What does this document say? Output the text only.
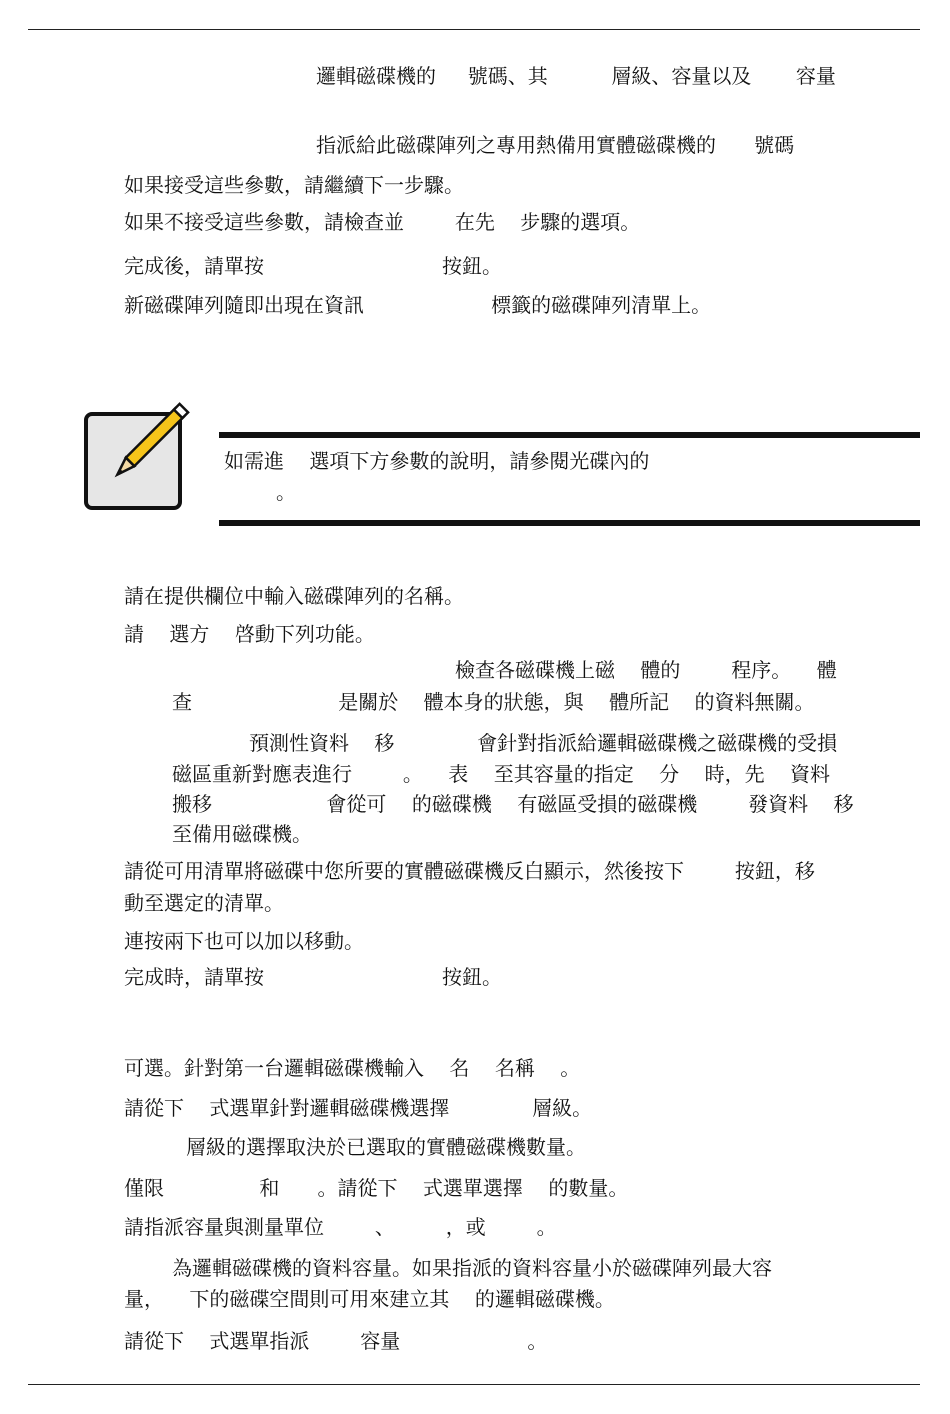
邏輯磁碟機的     號碼、其          層級、容量以及       容量
指派給此磁碟陣列之專用熱備用實體磁碟機的      號碼
如果接受這些參數，請繼續下一步驟。
如果不接受這些參數，請檢查並        在先    步驟的選項。
完成後，請單按                            按鈕。
新磁碟陣列隨即出現在資訊                    標籤的磁碟陣列清單上。
如需進    選項下方參數的說明，請參閱光碟內的
。
請在提供欄位中輸入磁碟陣列的名稱。
請    選方    啓動下列功能。
檢查各磁碟機上磁    體的        程序。    體
查                       是關於    體本身的狀態，與    體所記    的資料無關。
預測性資料    移             會針對指派給邏輯磁碟機之磁碟機的受損
磁區重新對應表進行        。    表    至其容量的指定    分    時，先    資料
搬移                  會從可    的磁碟機    有磁區受損的磁碟機        發資料    移
至備用磁碟機。
請從可用清單將磁碟中您所要的實體磁碟機反白顯示，然後按下        按鈕，移
動至選定的清單。
連按兩下也可以加以移動。
完成時，請單按                            按鈕。
可選。針對第一台邏輯磁碟機輸入    名    名稱    。
請從下    式選單針對邏輯磁碟機選擇             層級。
層級的選擇取決於已選取的實體磁碟機數量。
僅限               和      。請從下    式選單選擇    的數量。
請指派容量與測量單位        、        ，或        。
為邏輯磁碟機的資料容量。如果指派的資料容量小於磁碟陣列最大容
量，    下的磁碟空間則可用來建立其    的邏輯磁碟機。
請從下    式選單指派        容量                    。
